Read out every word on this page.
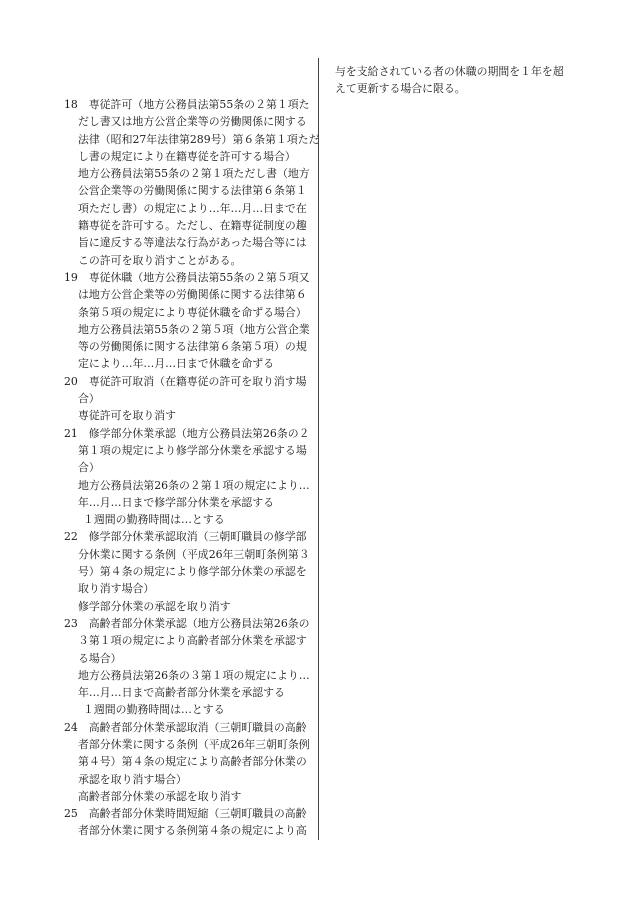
与を支給されている者の休職の期間を１年を超
えて更新する場合に限る。
18　専従許可（地方公務員法第55条の２第１項た
だし書又は地方公営企業等の労働関係に関する
法律（昭和27年法律第289号）第６条第１項ただ
し書の規定により在籍専従を許可する場合）
地方公務員法第55条の２第１項ただし書（地方
公営企業等の労働関係に関する法律第６条第１
項ただし書）の規定により…年…月…日まで在
籍専従を許可する。ただし、在籍専従制度の趣
旨に違反する等違法な行為があった場合等には
この許可を取り消すことがある。
19　専従休職（地方公務員法第55条の２第５項又
は地方公営企業等の労働関係に関する法律第６
条第５項の規定により専従休職を命ずる場合）
地方公務員法第55条の２第５項（地方公営企業
等の労働関係に関する法律第６条第５項）の規
定により…年…月…日まで休職を命ずる
20　専従許可取消（在籍専従の許可を取り消す場
合）
専従許可を取り消す
21　修学部分休業承認（地方公務員法第26条の２
第１項の規定により修学部分休業を承認する場
合）
地方公務員法第26条の２第１項の規定により…
年…月…日まで修学部分休業を承認する
１週間の勤務時間は…とする
22　修学部分休業承認取消（三朝町職員の修学部
分休業に関する条例（平成26年三朝町条例第３
号）第４条の規定により修学部分休業の承認を
取り消す場合）
修学部分休業の承認を取り消す
23　高齢者部分休業承認（地方公務員法第26条の
３第１項の規定により高齢者部分休業を承認す
る場合）
地方公務員法第26条の３第１項の規定により…
年…月…日まで高齢者部分休業を承認する
１週間の勤務時間は…とする
24　高齢者部分休業承認取消（三朝町職員の高齢
者部分休業に関する条例（平成26年三朝町条例
第４号）第４条の規定により高齢者部分休業の
承認を取り消す場合）
高齢者部分休業の承認を取り消す
25　高齢者部分休業時間短縮（三朝町職員の高齢
者部分休業に関する条例第４条の規定により高
